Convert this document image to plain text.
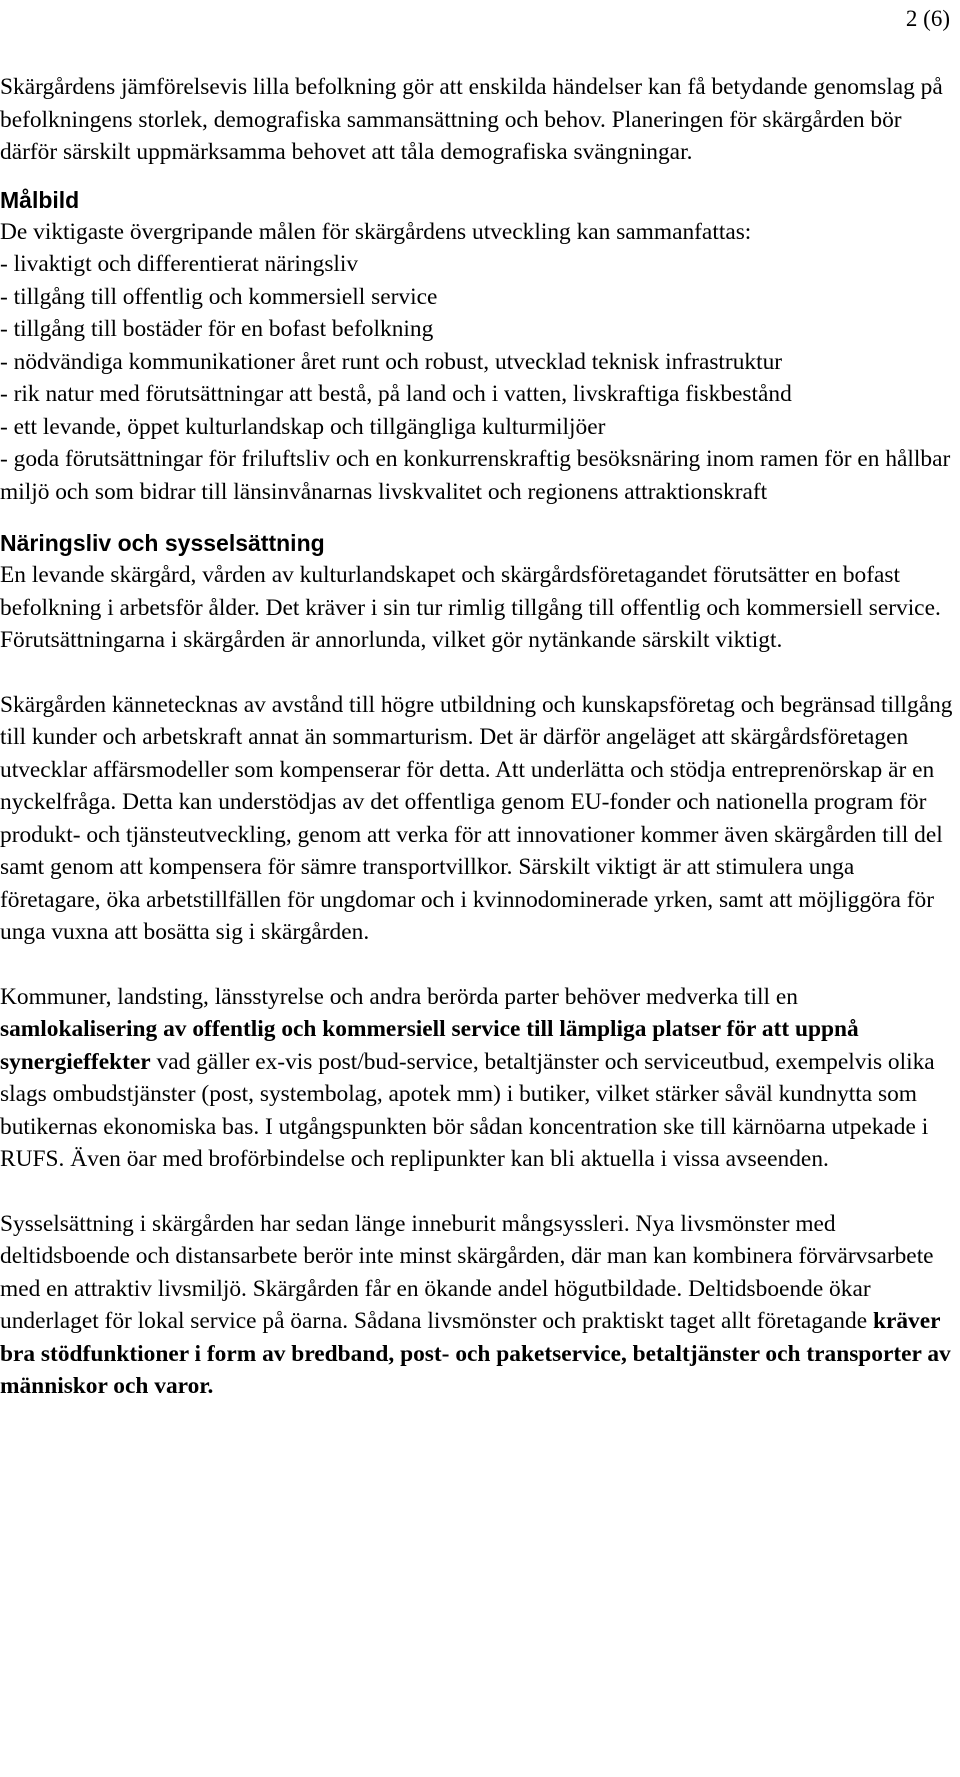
2 (6)

Skärgårdens jämförelsevis lilla befolkning gör att enskilda händelser kan få betydande genomslag på befolkningens storlek, demografiska sammansättning och behov. Planeringen för skärgården bör därför särskilt uppmärksamma behovet att tåla demografiska svängningar.

Målbild

De viktigaste övergripande målen för skärgårdens utveckling kan sammanfattas:

- livaktigt och differentierat näringsliv

- tillgång till offentlig och kommersiell service

- tillgång till bostäder för en bofast befolkning

- nödvändiga kommunikationer året runt och robust, utvecklad teknisk infrastruktur

- rik natur med förutsättningar att bestå, på land och i vatten, livskraftiga fiskbestånd

- ett levande, öppet kulturlandskap och tillgängliga kulturmiljöer

- goda förutsättningar för friluftsliv och en konkurrenskraftig besöksnäring inom ramen för en hållbar miljö och som bidrar till länsinvånarnas livskvalitet och regionens attraktionskraft

Näringsliv och sysselsättning

En levande skärgård, vården av kulturlandskapet och skärgårdsföretagandet förutsätter en bofast befolkning i arbetsför ålder. Det kräver i sin tur rimlig tillgång till offentlig och kommersiell service. Förutsättningarna i skärgården är annorlunda, vilket gör nytänkande särskilt viktigt.

Skärgården kännetecknas av avstånd till högre utbildning och kunskapsföretag och begränsad tillgång till kunder och arbetskraft annat än sommarturism. Det är därför angeläget att skärgårdsföretagen utvecklar affärsmodeller som kompenserar för detta. Att underlätta och stödja entreprenörskap är en nyckelfråga. Detta kan understödjas av det offentliga genom EU-fonder och nationella program för produkt- och tjänsteutveckling, genom att verka för att innovationer kommer även skärgården till del samt genom att kompensera för sämre transportvillkor. Särskilt viktigt är att stimulera unga företagare, öka arbetstillfällen för ungdomar och i kvinnodominerade yrken, samt att möjliggöra för unga vuxna att bosätta sig i skärgården.

Kommuner, landsting, länsstyrelse och andra berörda parter behöver medverka till en samlokalisering av offentlig och kommersiell service till lämpliga platser för att uppnå synergieffekter vad gäller ex-vis post/bud-service, betaltjänster och serviceutbud, exempelvis olika slags ombudstjänster (post, systembolag, apotek mm) i butiker, vilket stärker såväl kundnytta som butikernas ekonomiska bas. I utgångspunkten bör sådan koncentration ske till kärnöarna utpekade i RUFS. Även öar med broförbindelse och replipunkter kan bli aktuella i vissa avseenden.

Sysselsättning i skärgården har sedan länge inneburit mångsyssleri. Nya livsmönster med deltidsboende och distansarbete berör inte minst skärgården, där man kan kombinera förvärvsarbete med en attraktiv livsmiljö. Skärgården får en ökande andel högutbildade. Deltidsboende ökar underlaget för lokal service på öarna. Sådana livsmönster och praktiskt taget allt företagande kräver bra stödfunktioner i form av bredband, post- och paketservice, betaltjänster och transporter av människor och varor.
